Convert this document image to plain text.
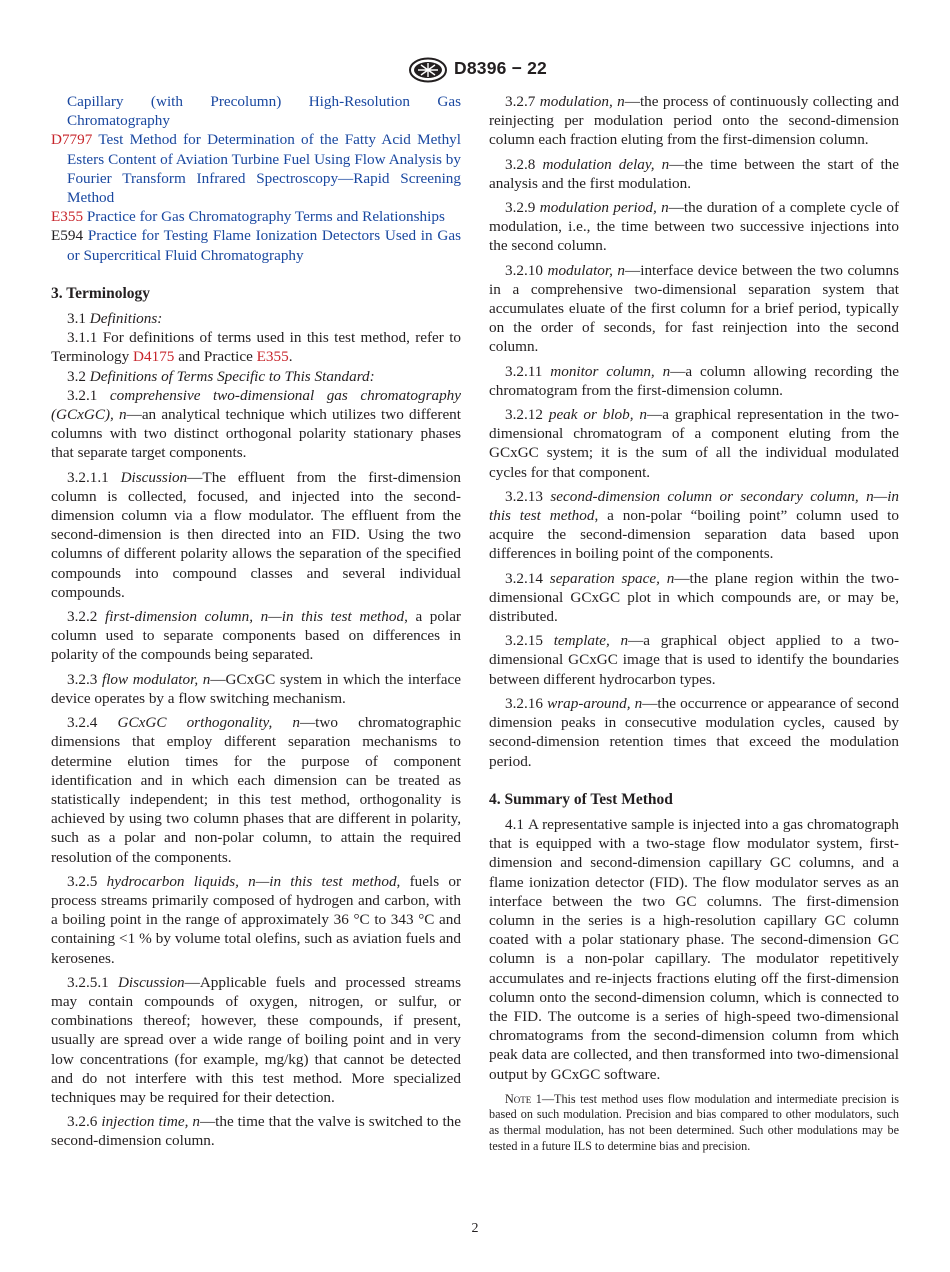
D8396 − 22

Capillary (with Precolumn) High-Resolution Gas Chromatography

D7797 Test Method for Determination of the Fatty Acid Methyl Esters Content of Aviation Turbine Fuel Using Flow Analysis by Fourier Transform Infrared Spectroscopy—Rapid Screening Method

E355 Practice for Gas Chromatography Terms and Relationships

E594 Practice for Testing Flame Ionization Detectors Used in Gas or Supercritical Fluid Chromatography

3. Terminology

3.1 Definitions:

3.1.1 For definitions of terms used in this test method, refer to Terminology D4175 and Practice E355.

3.2 Definitions of Terms Specific to This Standard:

3.2.1 comprehensive two-dimensional gas chromatography (GCxGC), n—an analytical technique which utilizes two different columns with two distinct orthogonal polarity stationary phases that separate target components.

3.2.1.1 Discussion—The effluent from the first-dimension column is collected, focused, and injected into the second-dimension column via a flow modulator. The effluent from the second-dimension is then directed into an FID. Using the two columns of different polarity allows the separation of the specified compounds into compound classes and several individual compounds.

3.2.2 first-dimension column, n—in this test method, a polar column used to separate components based on differences in polarity of the compounds being separated.

3.2.3 flow modulator, n—GCxGC system in which the interface device operates by a flow switching mechanism.

3.2.4 GCxGC orthogonality, n—two chromatographic dimensions that employ different separation mechanisms to determine elution times for the purpose of component identification and in which each dimension can be treated as statistically independent; in this test method, orthogonality is achieved by using two column phases that are different in polarity, such as a polar and non-polar column, to attain the required resolution of the components.

3.2.5 hydrocarbon liquids, n—in this test method, fuels or process streams primarily composed of hydrogen and carbon, with a boiling point in the range of approximately 36 °C to 343 °C and containing <1 % by volume total olefins, such as aviation fuels and kerosenes.

3.2.5.1 Discussion—Applicable fuels and processed streams may contain compounds of oxygen, nitrogen, or sulfur, or combinations thereof; however, these compounds, if present, usually are spread over a wide range of boiling point and in very low concentrations (for example, mg/kg) that cannot be detected and do not interfere with this test method. More specialized techniques may be required for their detection.

3.2.6 injection time, n—the time that the valve is switched to the second-dimension column.

3.2.7 modulation, n—the process of continuously collecting and reinjecting per modulation period onto the second-dimension column each fraction eluting from the first-dimension column.

3.2.8 modulation delay, n—the time between the start of the analysis and the first modulation.

3.2.9 modulation period, n—the duration of a complete cycle of modulation, i.e., the time between two successive injections into the second column.

3.2.10 modulator, n—interface device between the two columns in a comprehensive two-dimensional separation system that accumulates eluate of the first column for a brief period, typically on the order of seconds, for fast reinjection into the second column.

3.2.11 monitor column, n—a column allowing recording the chromatogram from the first-dimension column.

3.2.12 peak or blob, n—a graphical representation in the two-dimensional chromatogram of a component eluting from the GCxGC system; it is the sum of all the individual modulated cycles for that component.

3.2.13 second-dimension column or secondary column, n—in this test method, a non-polar “boiling point” column used to acquire the second-dimension separation data based upon differences in boiling point of the components.

3.2.14 separation space, n—the plane region within the two-dimensional GCxGC plot in which compounds are, or may be, distributed.

3.2.15 template, n—a graphical object applied to a two-dimensional GCxGC image that is used to identify the boundaries between different hydrocarbon types.

3.2.16 wrap-around, n—the occurrence or appearance of second dimension peaks in consecutive modulation cycles, caused by second-dimension retention times that exceed the modulation period.

4. Summary of Test Method

4.1 A representative sample is injected into a gas chromatograph that is equipped with a two-stage flow modulator system, first-dimension and second-dimension capillary GC columns, and a flame ionization detector (FID). The flow modulator serves as an interface between the two GC columns. The first-dimension column in the series is a high-resolution capillary GC column coated with a polar stationary phase. The second-dimension GC column is a non-polar capillary. The modulator repetitively accumulates and re-injects fractions eluting off the first-dimension column onto the second-dimension column, which is connected to the FID. The outcome is a series of high-speed two-dimensional chromatograms from the second-dimension column from which peak data are collected, and then transformed into two-dimensional output by GCxGC software.

Note 1—This test method uses flow modulation and intermediate precision is based on such modulation. Precision and bias compared to other modulators, such as thermal modulation, has not been determined. Such other modulations may be tested in a future ILS to determine bias and precision.

2
